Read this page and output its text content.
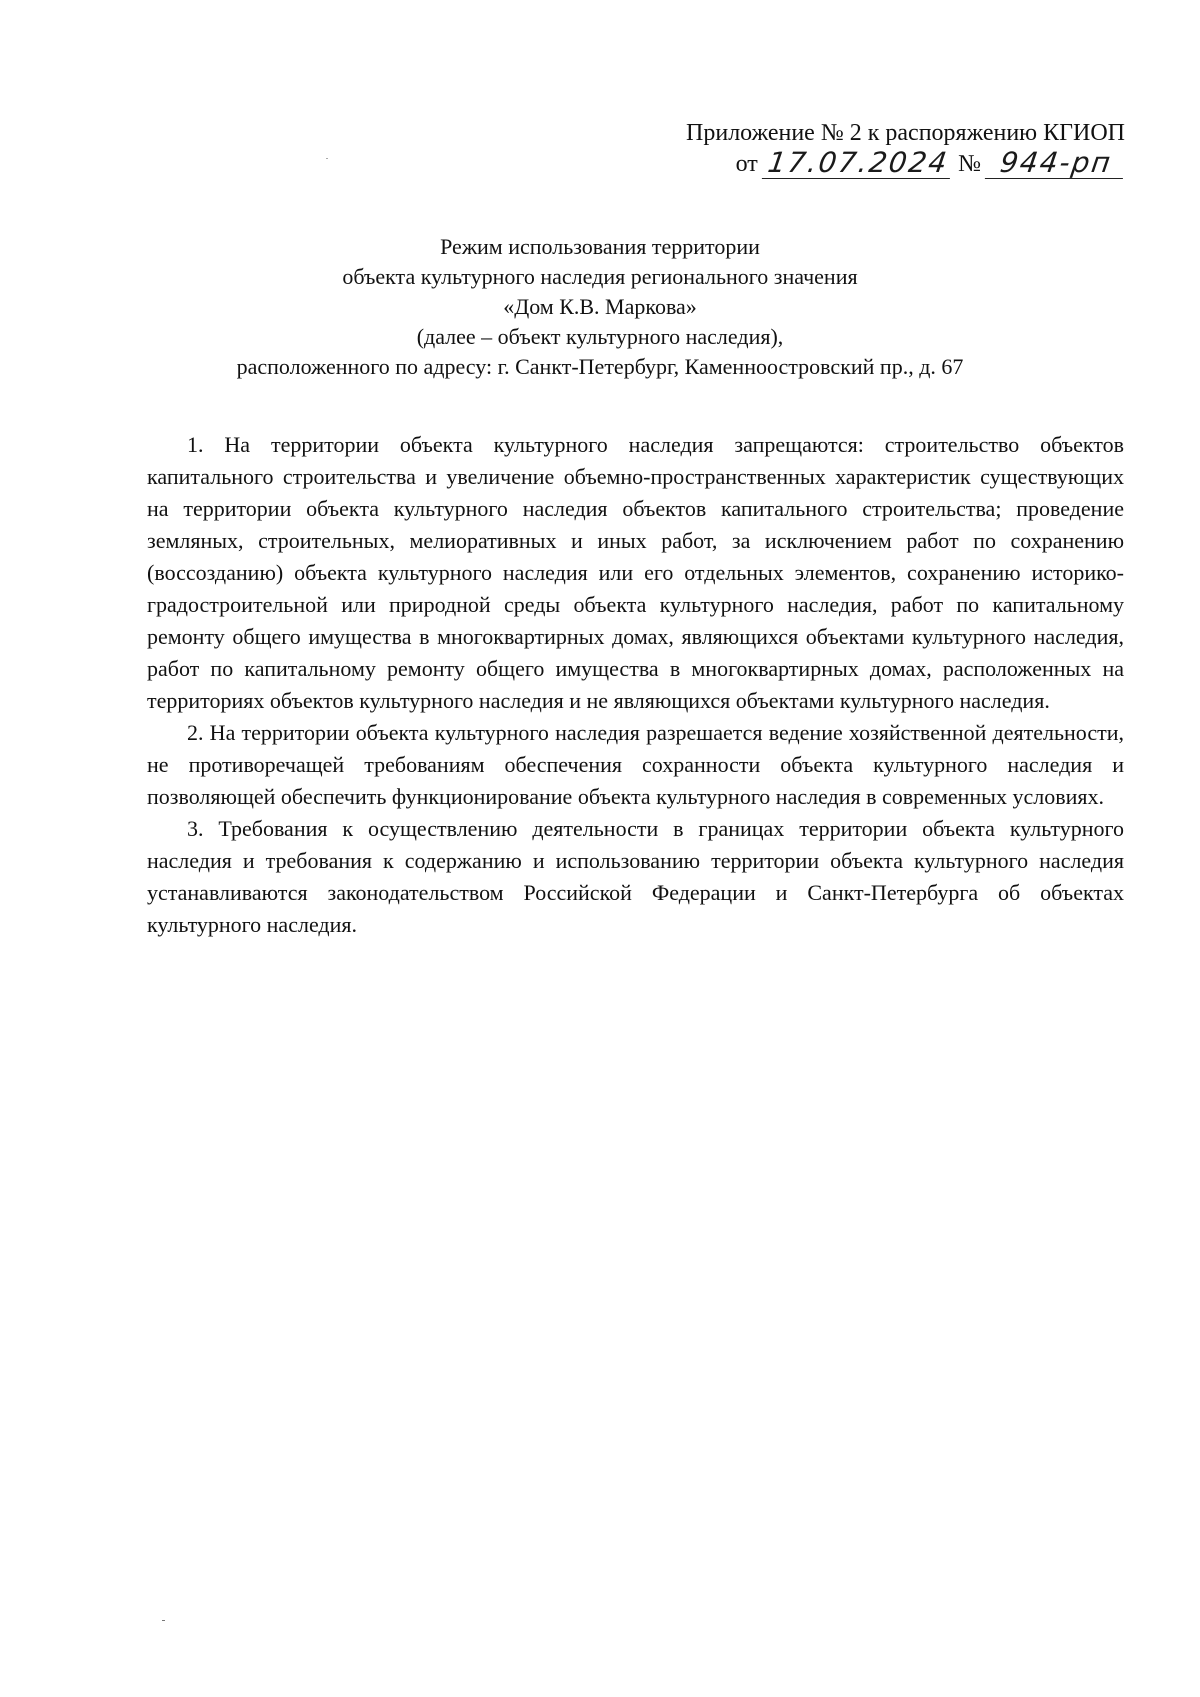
Приложение № 2 к распоряжению КГИОП
от 17.07.2024 № 944-рп
Режим использования территории
объекта культурного наследия регионального значения
«Дом К.В. Маркова»
(далее – объект культурного наследия),
расположенного по адресу: г. Санкт-Петербург, Каменноостровский пр., д. 67

1. На территории объекта культурного наследия запрещаются: строительство объектов капитального строительства и увеличение объемно-пространственных характеристик существующих на территории объекта культурного наследия объектов капитального строительства; проведение земляных, строительных, мелиоративных и иных работ, за исключением работ по сохранению (воссозданию) объекта культурного наследия или его отдельных элементов, сохранению историко-градостроительной или природной среды объекта культурного наследия, работ по капитальному ремонту общего имущества в многоквартирных домах, являющихся объектами культурного наследия, работ по капитальному ремонту общего имущества в многоквартирных домах, расположенных на территориях объектов культурного наследия и не являющихся объектами культурного наследия.

2. На территории объекта культурного наследия разрешается ведение хозяйственной деятельности, не противоречащей требованиям обеспечения сохранности объекта культурного наследия и позволяющей обеспечить функционирование объекта культурного наследия в современных условиях.

3. Требования к осуществлению деятельности в границах территории объекта культурного наследия и требования к содержанию и использованию территории объекта культурного наследия устанавливаются законодательством Российской Федерации и Санкт-Петербурга об объектах культурного наследия.
